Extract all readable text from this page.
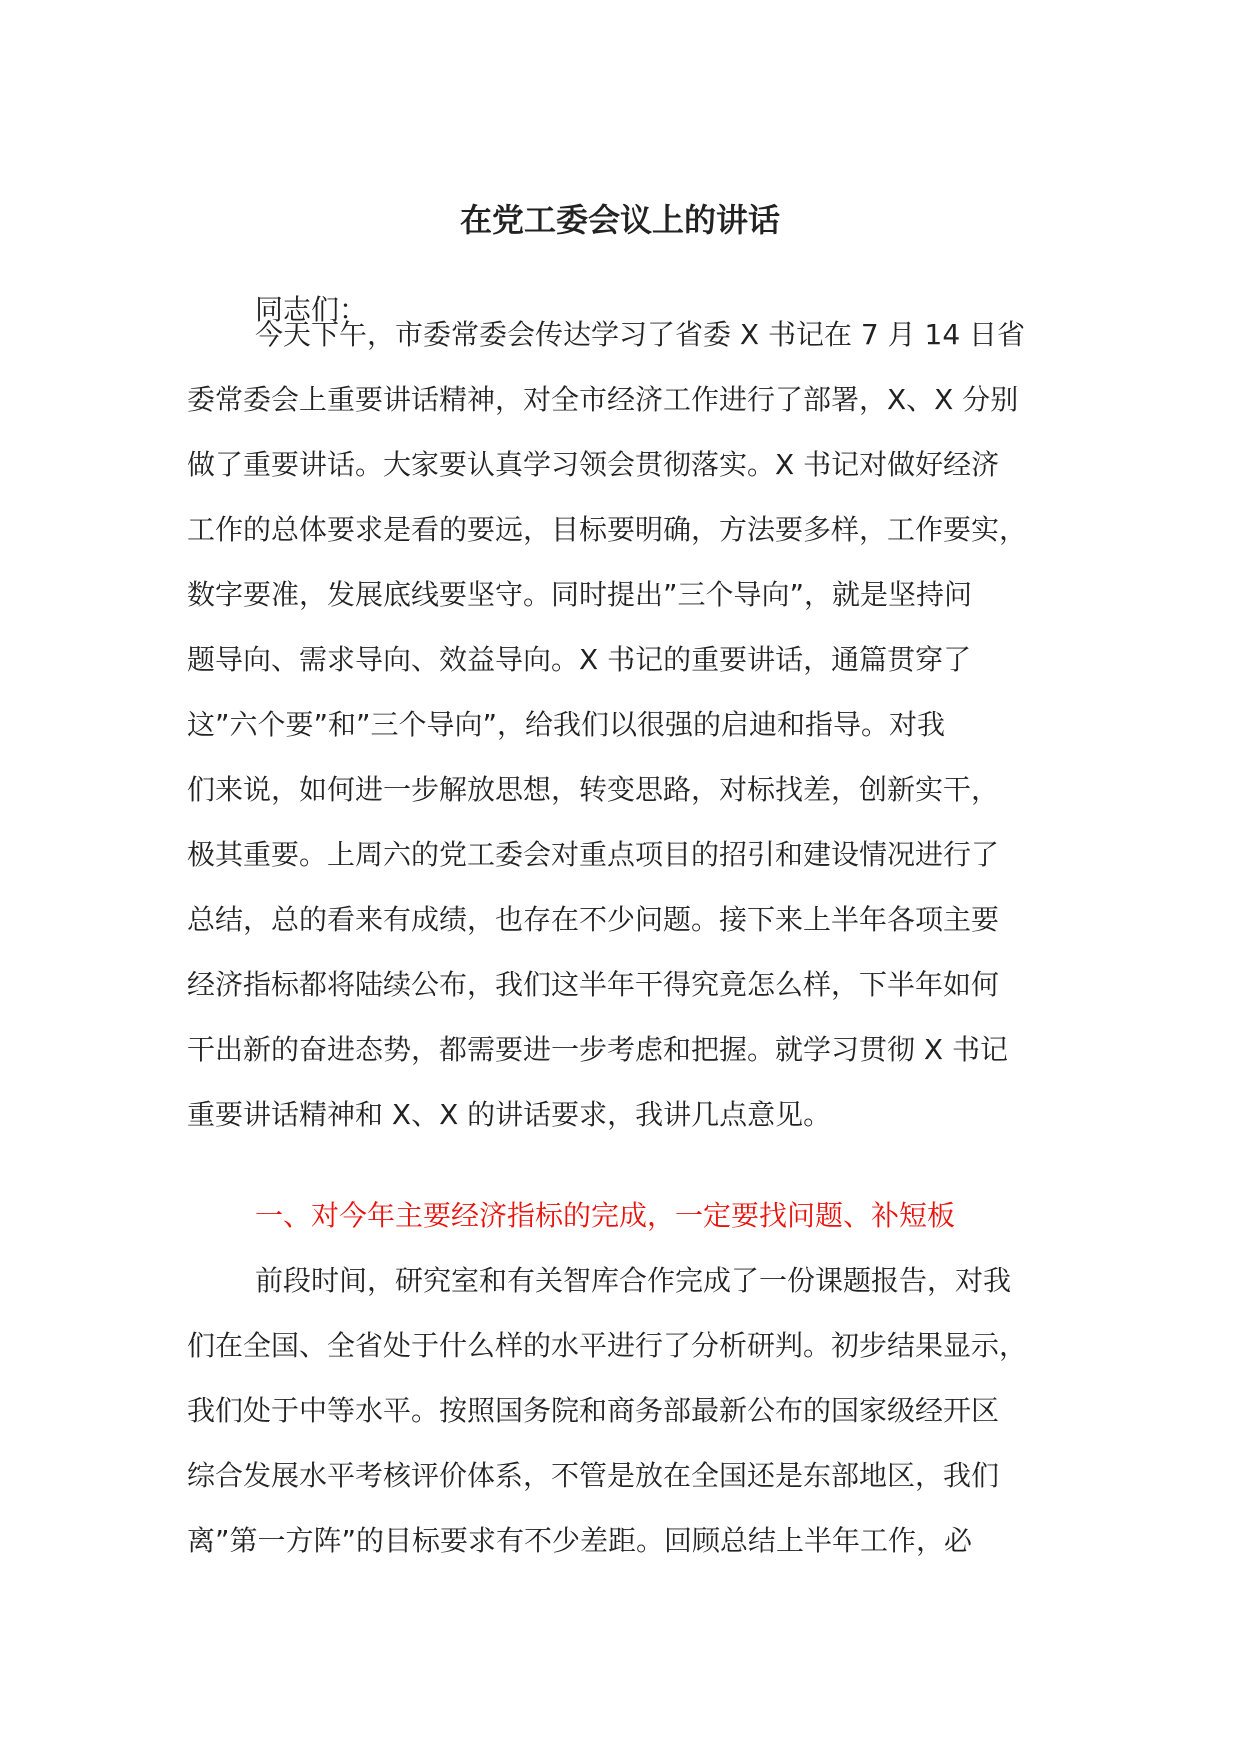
在党工委会议上的讲话
同志们：
今天下午，市委常委会传达学习了省委 X 书记在 7 月 14 日省
委常委会上重要讲话精神，对全市经济工作进行了部署，X、X 分别
做了重要讲话。大家要认真学习领会贯彻落实。X 书记对做好经济
工作的总体要求是看的要远，目标要明确，方法要多样，工作要实，
数字要准，发展底线要坚守。同时提出”三个导向”，就是坚持问
题导向、需求导向、效益导向。X 书记的重要讲话，通篇贯穿了
这”六个要”和”三个导向”，给我们以很强的启迪和指导。对我
们来说，如何进一步解放思想，转变思路，对标找差，创新实干，
极其重要。上周六的党工委会对重点项目的招引和建设情况进行了
总结，总的看来有成绩，也存在不少问题。接下来上半年各项主要
经济指标都将陆续公布，我们这半年干得究竟怎么样，下半年如何
干出新的奋进态势，都需要进一步考虑和把握。就学习贯彻 X 书记
重要讲话精神和 X、X 的讲话要求，我讲几点意见。
一、对今年主要经济指标的完成，一定要找问题、补短板
前段时间，研究室和有关智库合作完成了一份课题报告，对我
们在全国、全省处于什么样的水平进行了分析研判。初步结果显示，
我们处于中等水平。按照国务院和商务部最新公布的国家级经开区
综合发展水平考核评价体系，不管是放在全国还是东部地区，我们
离”第一方阵”的目标要求有不少差距。回顾总结上半年工作，必
